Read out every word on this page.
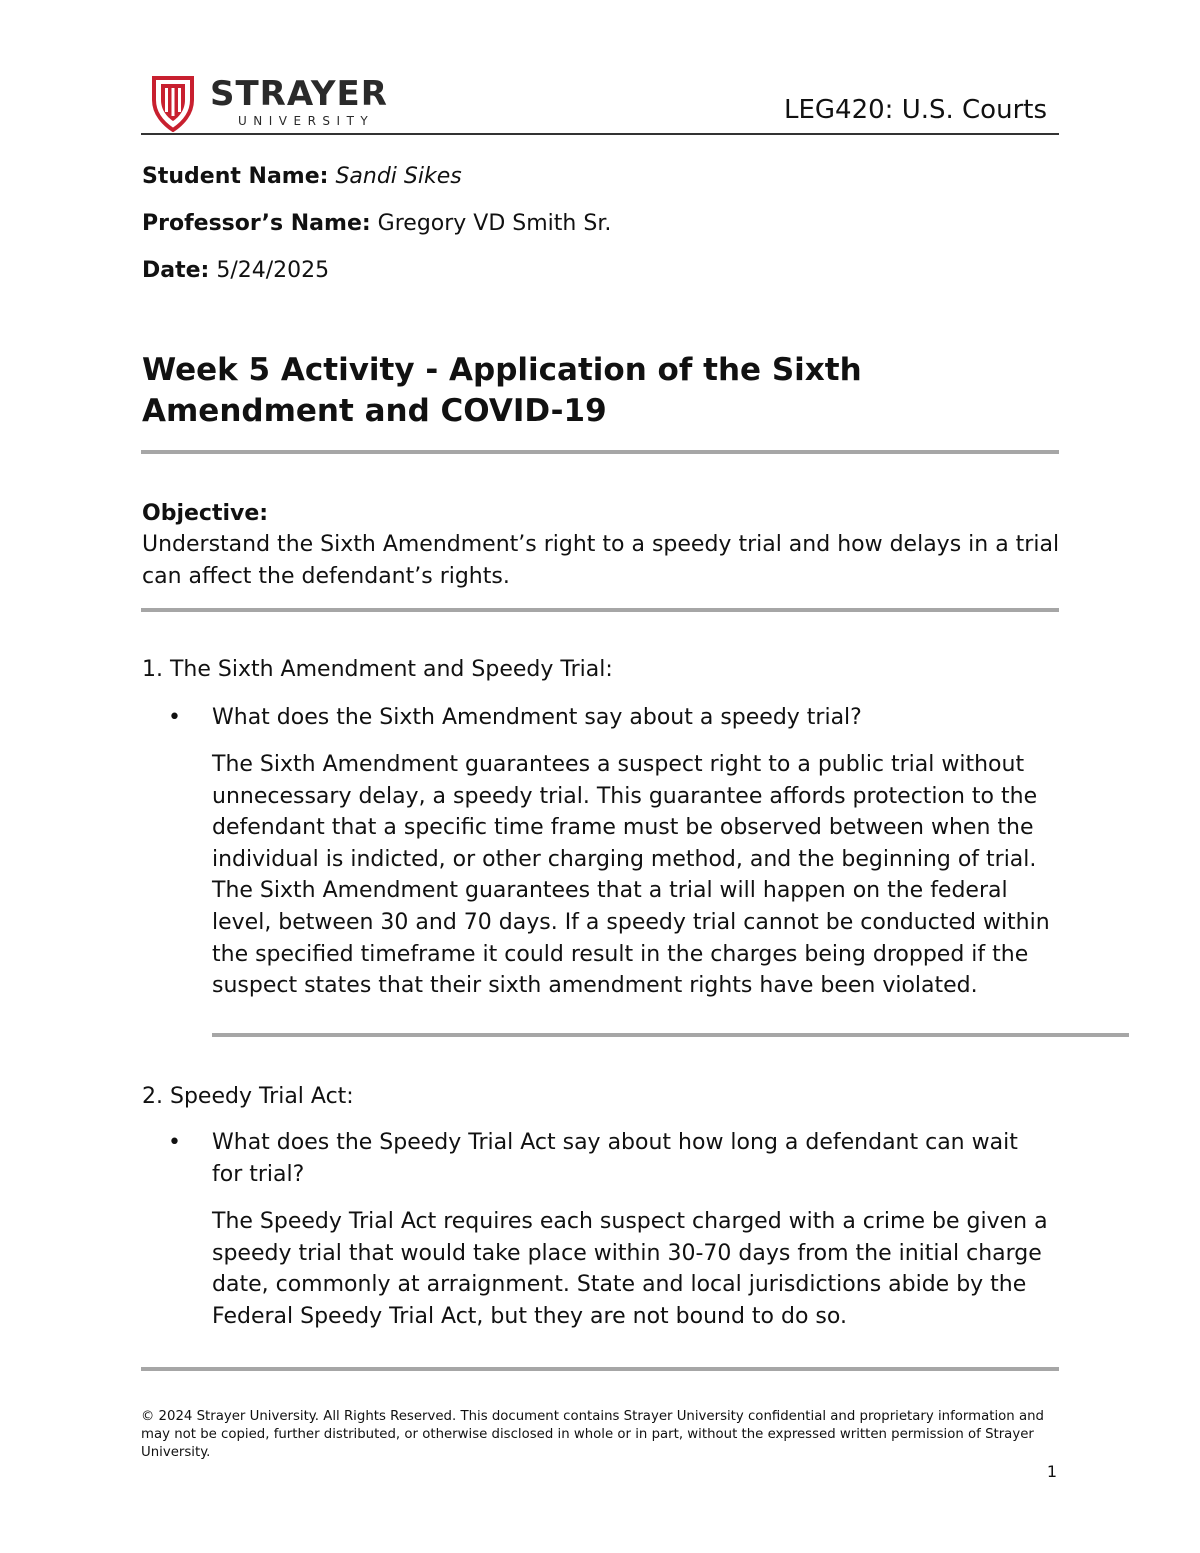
STRAYER
UNIVERSITY	LEG420: U.S. Courts
Student Name: Sandi Sikes
Professor’s Name: Gregory VD Smith Sr.
Date: 5/24/2025
Week 5 Activity - Application of the Sixth Amendment and COVID-19
Objective:
Understand the Sixth Amendment’s right to a speedy trial and how delays in a trial can affect the defendant’s rights.
1. The Sixth Amendment and Speedy Trial:
•	What does the Sixth Amendment say about a speedy trial?
The Sixth Amendment guarantees a suspect right to a public trial without unnecessary delay, a speedy trial. This guarantee affords protection to the defendant that a specific time frame must be observed between when the individual is indicted, or other charging method, and the beginning of trial. The Sixth Amendment guarantees that a trial will happen on the federal level, between 30 and 70 days. If a speedy trial cannot be conducted within the specified timeframe it could result in the charges being dropped if the suspect states that their sixth amendment rights have been violated.
2. Speedy Trial Act:
•	What does the Speedy Trial Act say about how long a defendant can wait for trial?
The Speedy Trial Act requires each suspect charged with a crime be given a speedy trial that would take place within 30-70 days from the initial charge date, commonly at arraignment. State and local jurisdictions abide by the Federal Speedy Trial Act, but they are not bound to do so.
© 2024 Strayer University. All Rights Reserved. This document contains Strayer University confidential and proprietary information and may not be copied, further distributed, or otherwise disclosed in whole or in part, without the expressed written permission of Strayer University.
1
